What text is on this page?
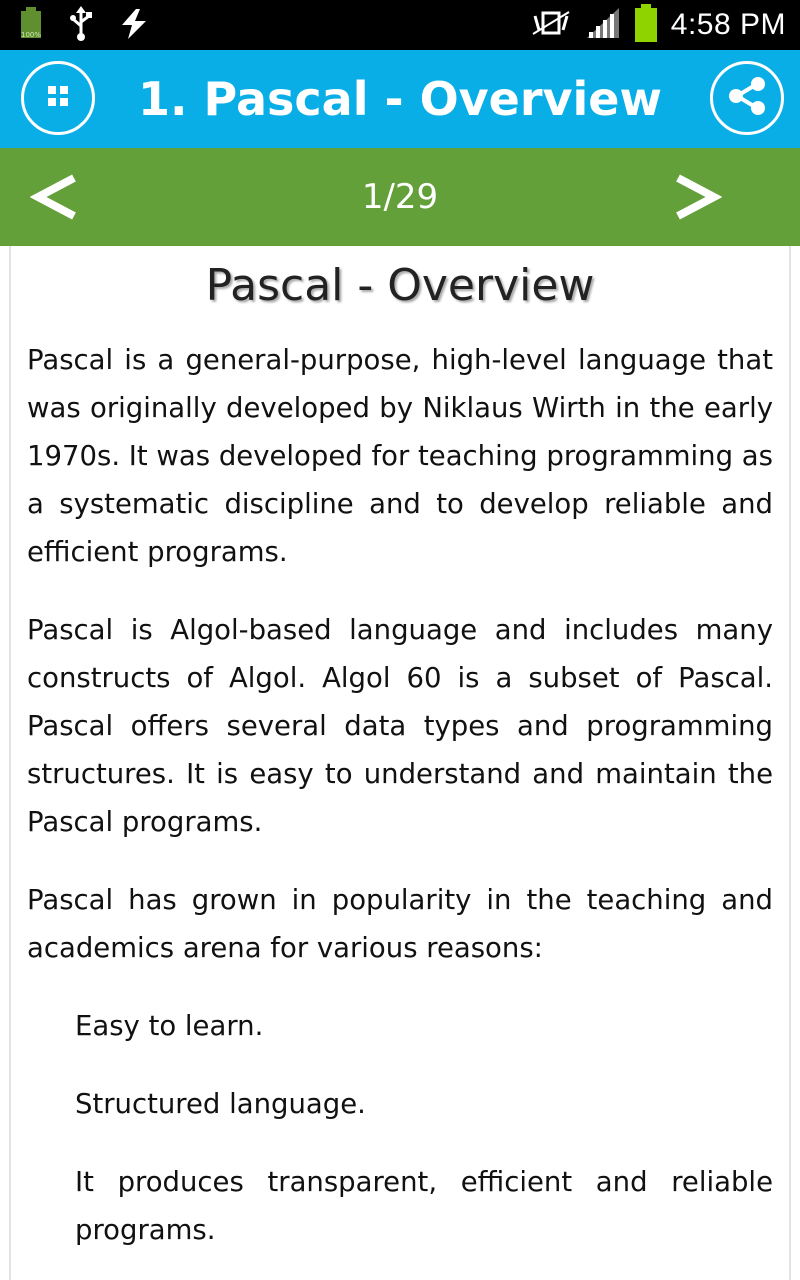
100%	4:58 PM
1. Pascal - Overview
1/29
Pascal - Overview

Pascal is a general-purpose, high-level language that was originally developed by Niklaus Wirth in the early 1970s. It was developed for teaching programming as a systematic discipline and to develop reliable and efficient programs.

Pascal is Algol-based language and includes many constructs of Algol. Algol 60 is a subset of Pascal. Pascal offers several data types and programming structures. It is easy to understand and maintain the Pascal programs.

Pascal has grown in popularity in the teaching and academics arena for various reasons:

Easy to learn.
Structured language.
It produces transparent, efficient and reliable programs.
